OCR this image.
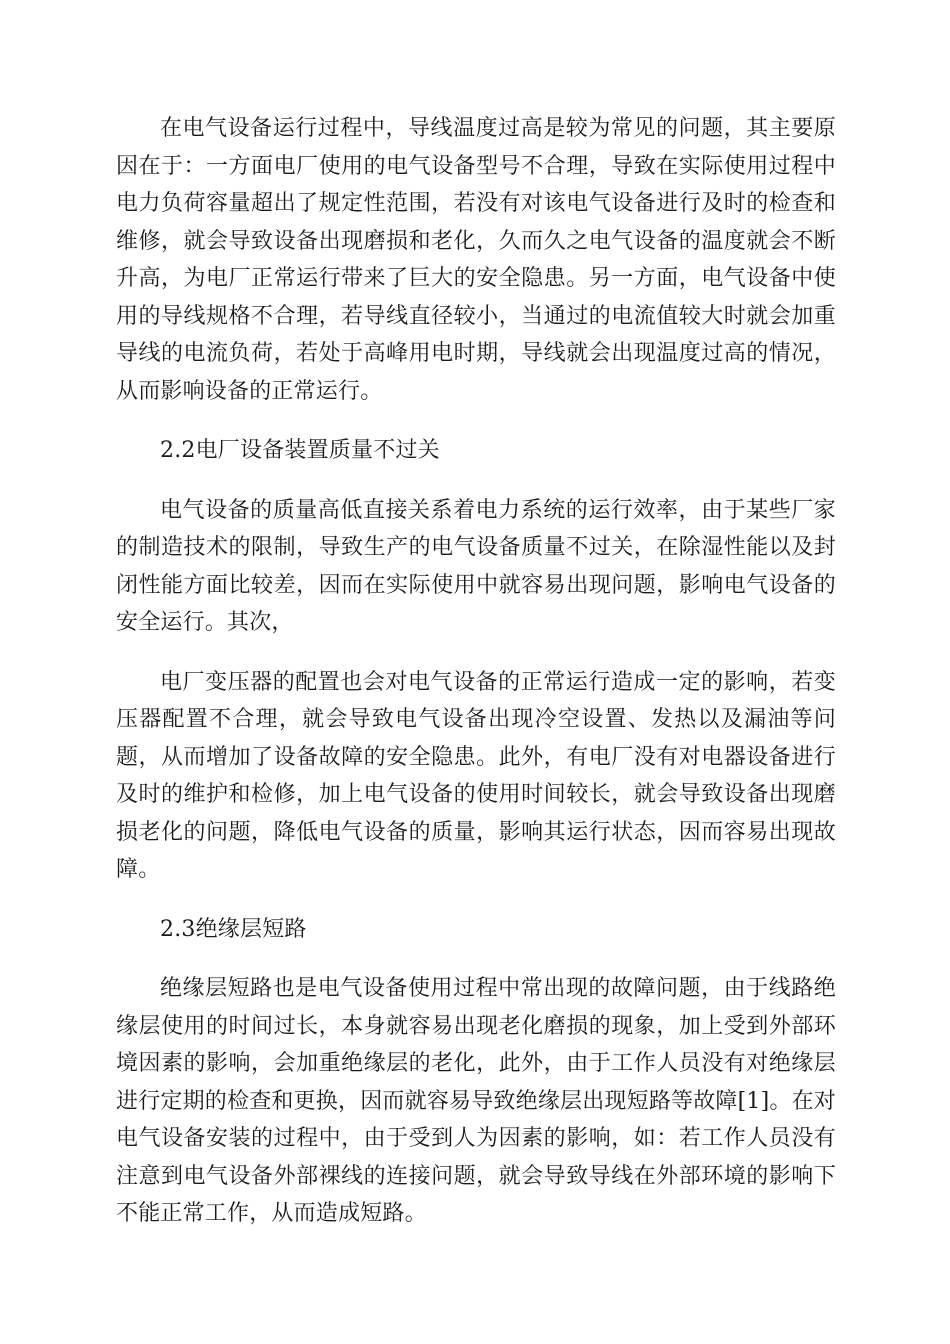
在电气设备运行过程中，导线温度过高是较为常见的问题，其主要原因在于：一方面电厂使用的电气设备型号不合理，导致在实际使用过程中电力负荷容量超出了规定性范围，若没有对该电气设备进行及时的检查和维修，就会导致设备出现磨损和老化，久而久之电气设备的温度就会不断升高，为电厂正常运行带来了巨大的安全隐患。另一方面，电气设备中使用的导线规格不合理，若导线直径较小，当通过的电流值较大时就会加重导线的电流负荷，若处于高峰用电时期，导线就会出现温度过高的情况，从而影响设备的正常运行。

2.2电厂设备装置质量不过关

电气设备的质量高低直接关系着电力系统的运行效率，由于某些厂家的制造技术的限制，导致生产的电气设备质量不过关，在除湿性能以及封闭性能方面比较差，因而在实际使用中就容易出现问题，影响电气设备的安全运行。其次，

电厂变压器的配置也会对电气设备的正常运行造成一定的影响，若变压器配置不合理，就会导致电气设备出现冷空设置、发热以及漏油等问题，从而增加了设备故障的安全隐患。此外，有电厂没有对电器设备进行及时的维护和检修，加上电气设备的使用时间较长，就会导致设备出现磨损老化的问题，降低电气设备的质量，影响其运行状态，因而容易出现故障。

2.3绝缘层短路

绝缘层短路也是电气设备使用过程中常出现的故障问题，由于线路绝缘层使用的时间过长，本身就容易出现老化磨损的现象，加上受到外部环境因素的影响，会加重绝缘层的老化，此外，由于工作人员没有对绝缘层进行定期的检查和更换，因而就容易导致绝缘层出现短路等故障[1]。在对电气设备安装的过程中，由于受到人为因素的影响，如：若工作人员没有注意到电气设备外部裸线的连接问题，就会导致导线在外部环境的影响下不能正常工作，从而造成短路。
